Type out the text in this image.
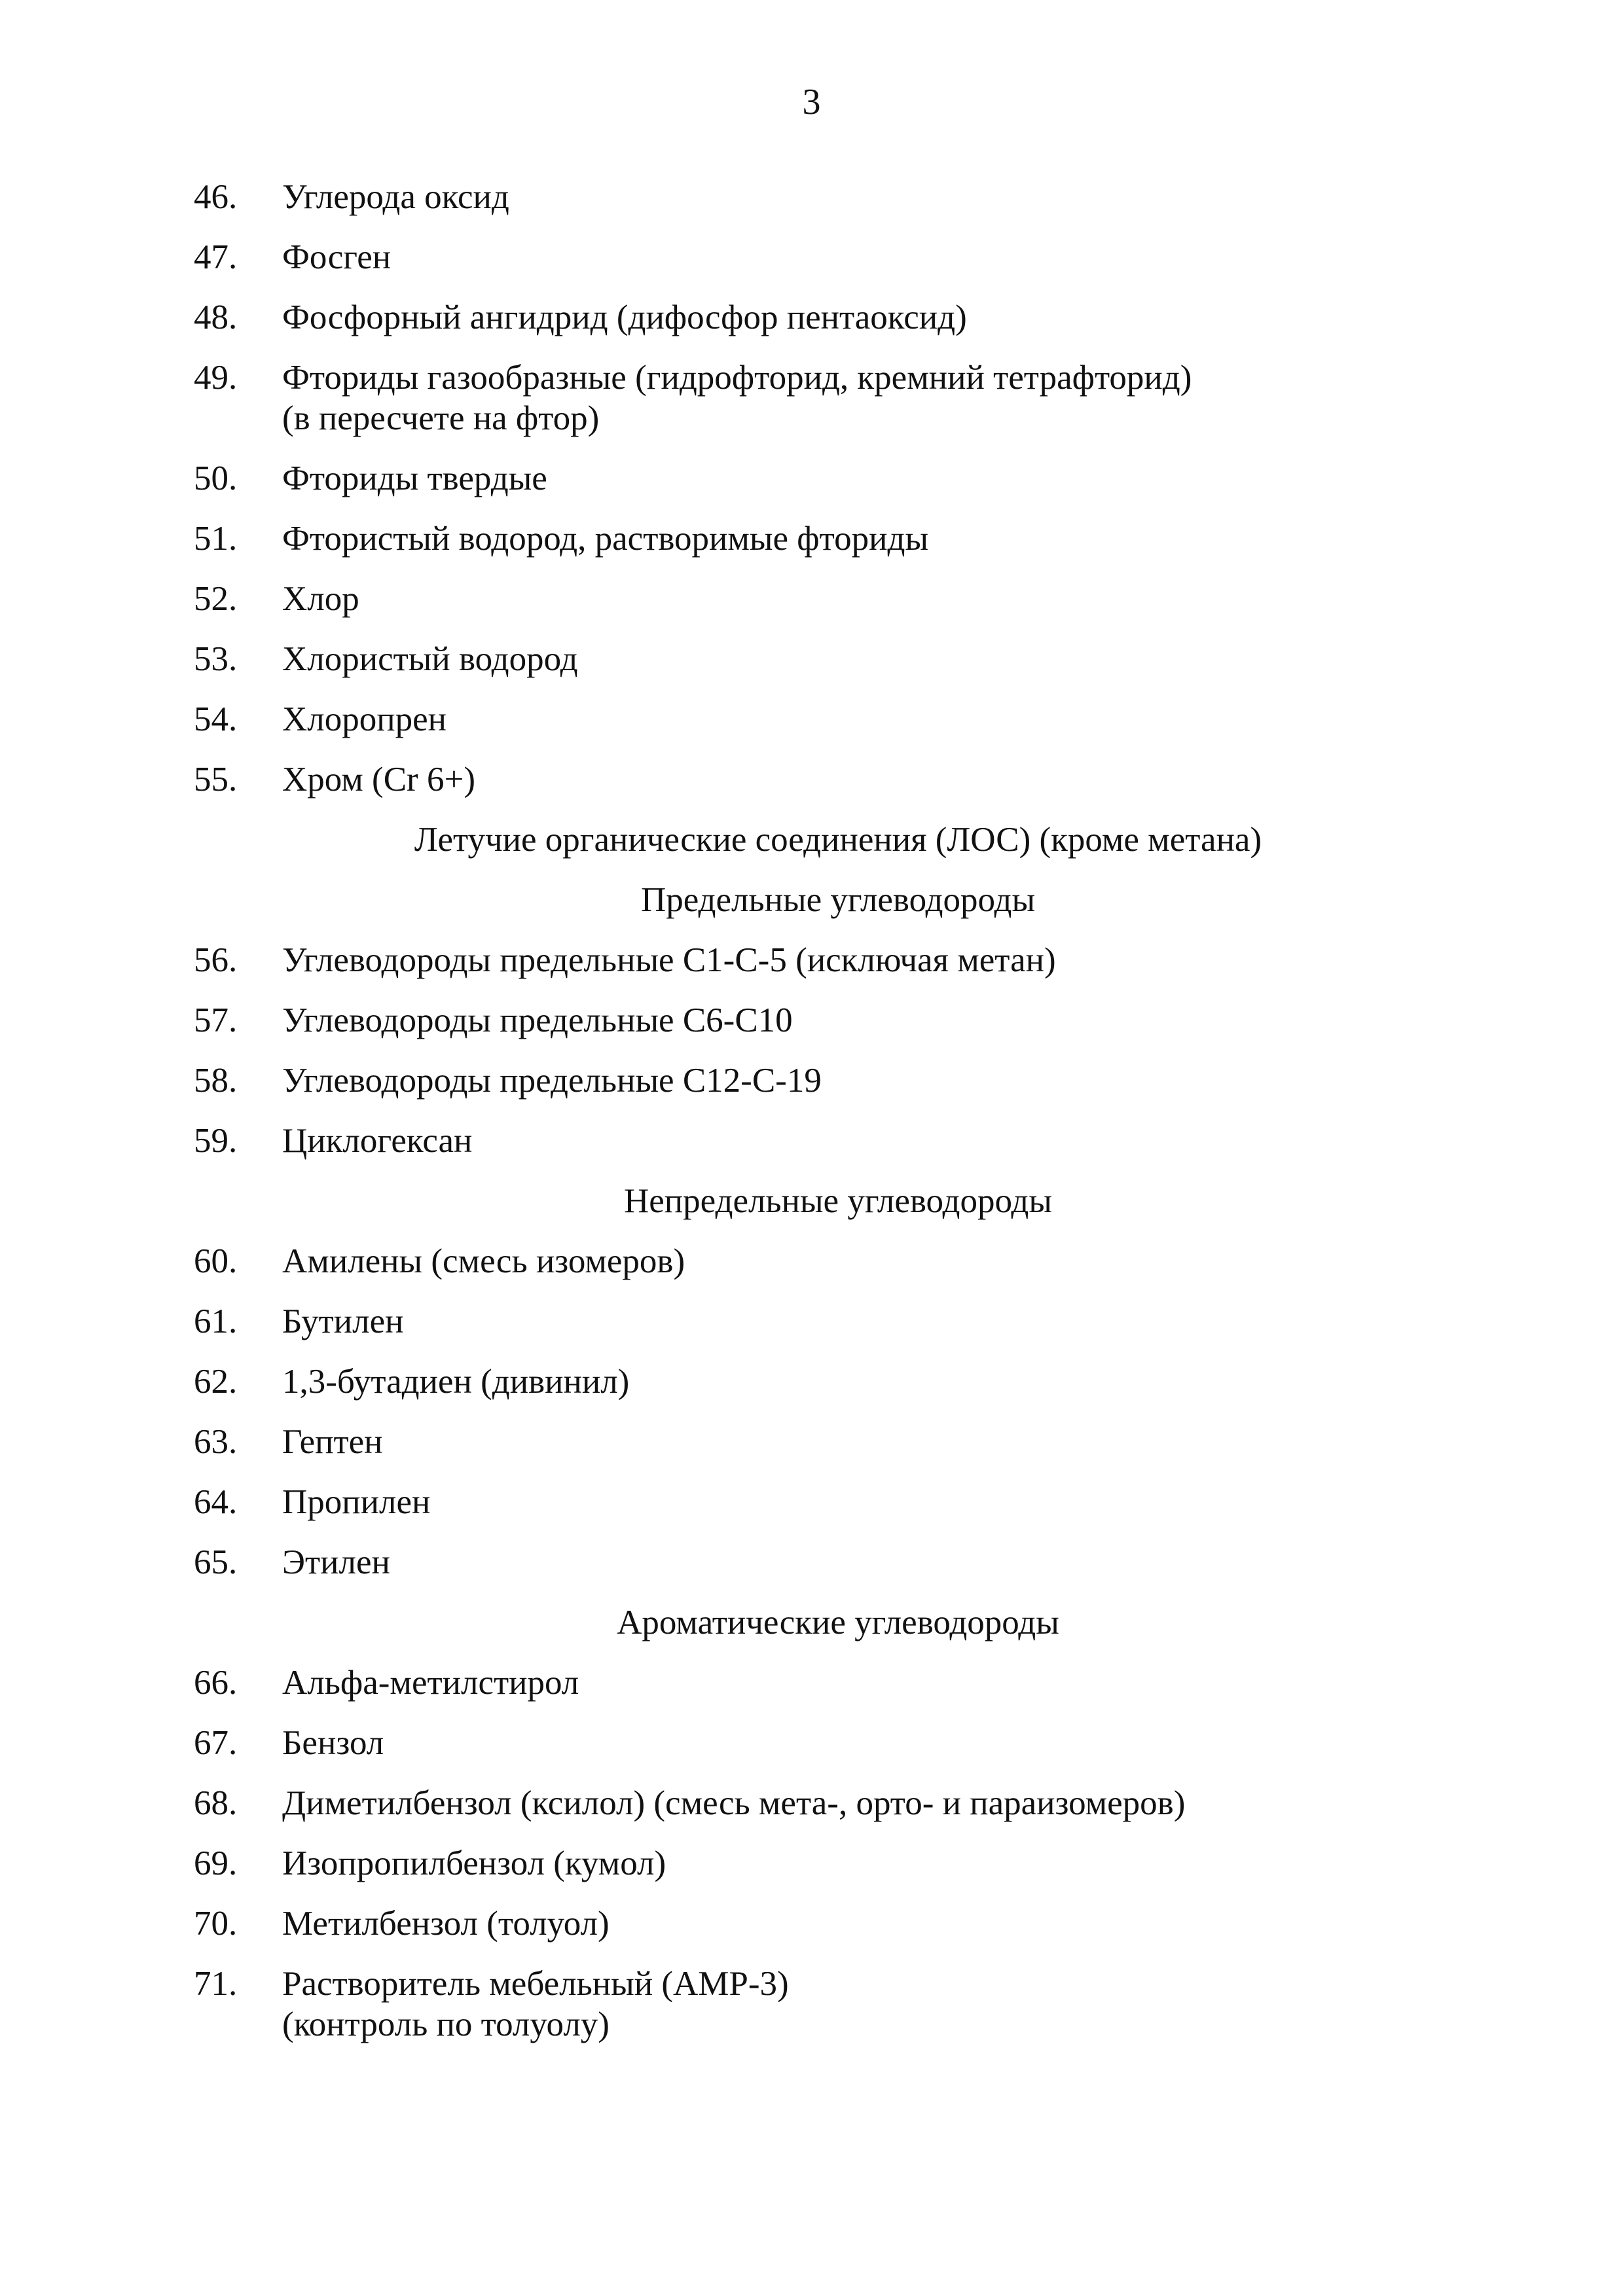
3
46.	Углерода оксид
47.	Фосген
48.	Фосфорный ангидрид (дифосфор пентаоксид)
49.	Фториды газообразные (гидрофторид, кремний тетрафторид)
(в пересчете на фтор)
50.	Фториды твердые
51.	Фтористый водород, растворимые фториды
52.	Хлор
53.	Хлористый водород
54.	Хлоропрен
55.	Хром (Cr 6+)
Летучие органические соединения (ЛОС) (кроме метана)
Предельные углеводороды
56.	Углеводороды предельные С1-С-5 (исключая метан)
57.	Углеводороды предельные С6-С10
58.	Углеводороды предельные С12-С-19
59.	Циклогексан
Непредельные углеводороды
60.	Амилены (смесь изомеров)
61.	Бутилен
62.	1,3-бутадиен (дивинил)
63.	Гептен
64.	Пропилен
65.	Этилен
Ароматические углеводороды
66.	Альфа-метилстирол
67.	Бензол
68.	Диметилбензол (ксилол) (смесь мета-, орто- и параизомеров)
69.	Изопропилбензол (кумол)
70.	Метилбензол (толуол)
71.	Растворитель мебельный (АМР-3)
(контроль по толуолу)
